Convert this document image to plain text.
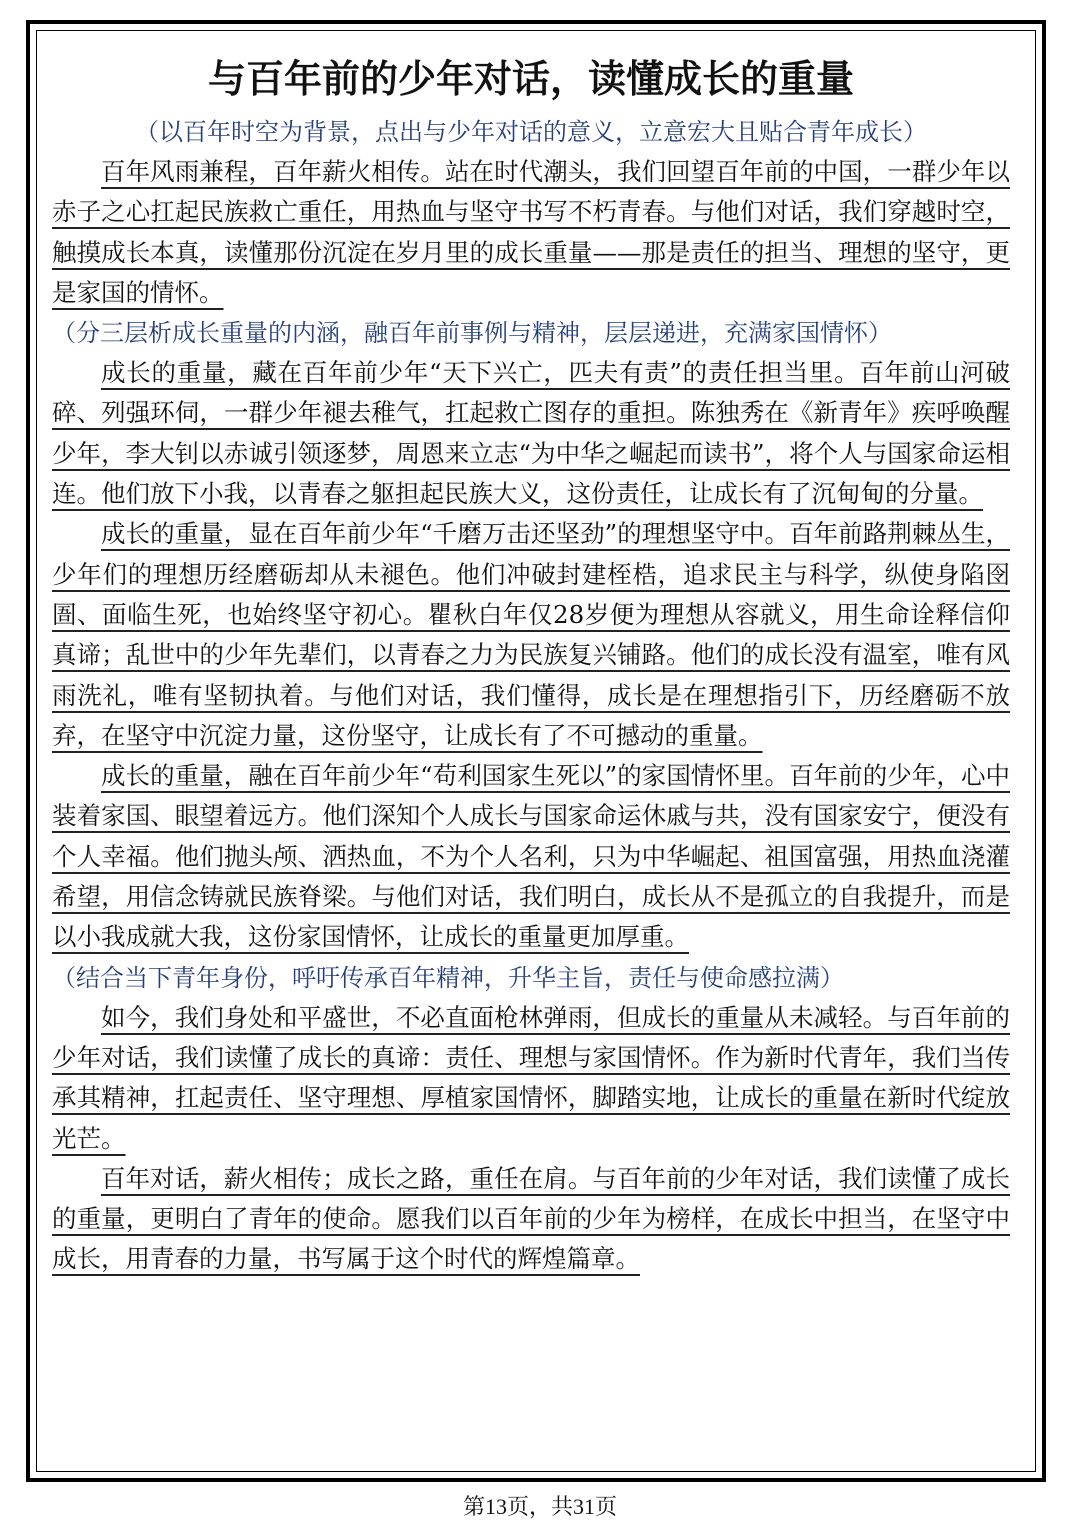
与百年前的少年对话，读懂成长的重量

（以百年时空为背景，点出与少年对话的意义，立意宏大且贴合青年成长）

百年风雨兼程，百年薪火相传。站在时代潮头，我们回望百年前的中国，一群少年以赤子之心扛起民族救亡重任，用热血与坚守书写不朽青春。与他们对话，我们穿越时空，触摸成长本真，读懂那份沉淀在岁月里的成长重量——那是责任的担当、理想的坚守，更是家国的情怀。

（分三层析成长重量的内涵，融百年前事例与精神，层层递进，充满家国情怀）

成长的重量，藏在百年前少年“天下兴亡，匹夫有责”的责任担当里。百年前山河破碎、列强环伺，一群少年褪去稚气，扛起救亡图存的重担。陈独秀在《新青年》疾呼唤醒少年，李大钊以赤诚引领逐梦，周恩来立志“为中华之崛起而读书”，将个人与国家命运相连。他们放下小我，以青春之躯担起民族大义，这份责任，让成长有了沉甸甸的分量。

成长的重量，显在百年前少年“千磨万击还坚劲”的理想坚守中。百年前路荆棘丛生，少年们的理想历经磨砺却从未褪色。他们冲破封建桎梏，追求民主与科学，纵使身陷囹圄、面临生死，也始终坚守初心。瞿秋白年仅28岁便为理想从容就义，用生命诠释信仰真谛；乱世中的少年先辈们，以青春之力为民族复兴铺路。他们的成长没有温室，唯有风雨洗礼，唯有坚韧执着。与他们对话，我们懂得，成长是在理想指引下，历经磨砺不放弃，在坚守中沉淀力量，这份坚守，让成长有了不可撼动的重量。

成长的重量，融在百年前少年“苟利国家生死以”的家国情怀里。百年前的少年，心中装着家国、眼望着远方。他们深知个人成长与国家命运休戚与共，没有国家安宁，便没有个人幸福。他们抛头颅、洒热血，不为个人名利，只为中华崛起、祖国富强，用热血浇灌希望，用信念铸就民族脊梁。与他们对话，我们明白，成长从不是孤立的自我提升，而是以小我成就大我，这份家国情怀，让成长的重量更加厚重。

（结合当下青年身份，呼吁传承百年精神，升华主旨，责任与使命感拉满）

如今，我们身处和平盛世，不必直面枪林弹雨，但成长的重量从未减轻。与百年前的少年对话，我们读懂了成长的真谛：责任、理想与家国情怀。作为新时代青年，我们当传承其精神，扛起责任、坚守理想、厚植家国情怀，脚踏实地，让成长的重量在新时代绽放光芒。

百年对话，薪火相传；成长之路，重任在肩。与百年前的少年对话，我们读懂了成长的重量，更明白了青年的使命。愿我们以百年前的少年为榜样，在成长中担当，在坚守中成长，用青春的力量，书写属于这个时代的辉煌篇章。

第13页，共31页
